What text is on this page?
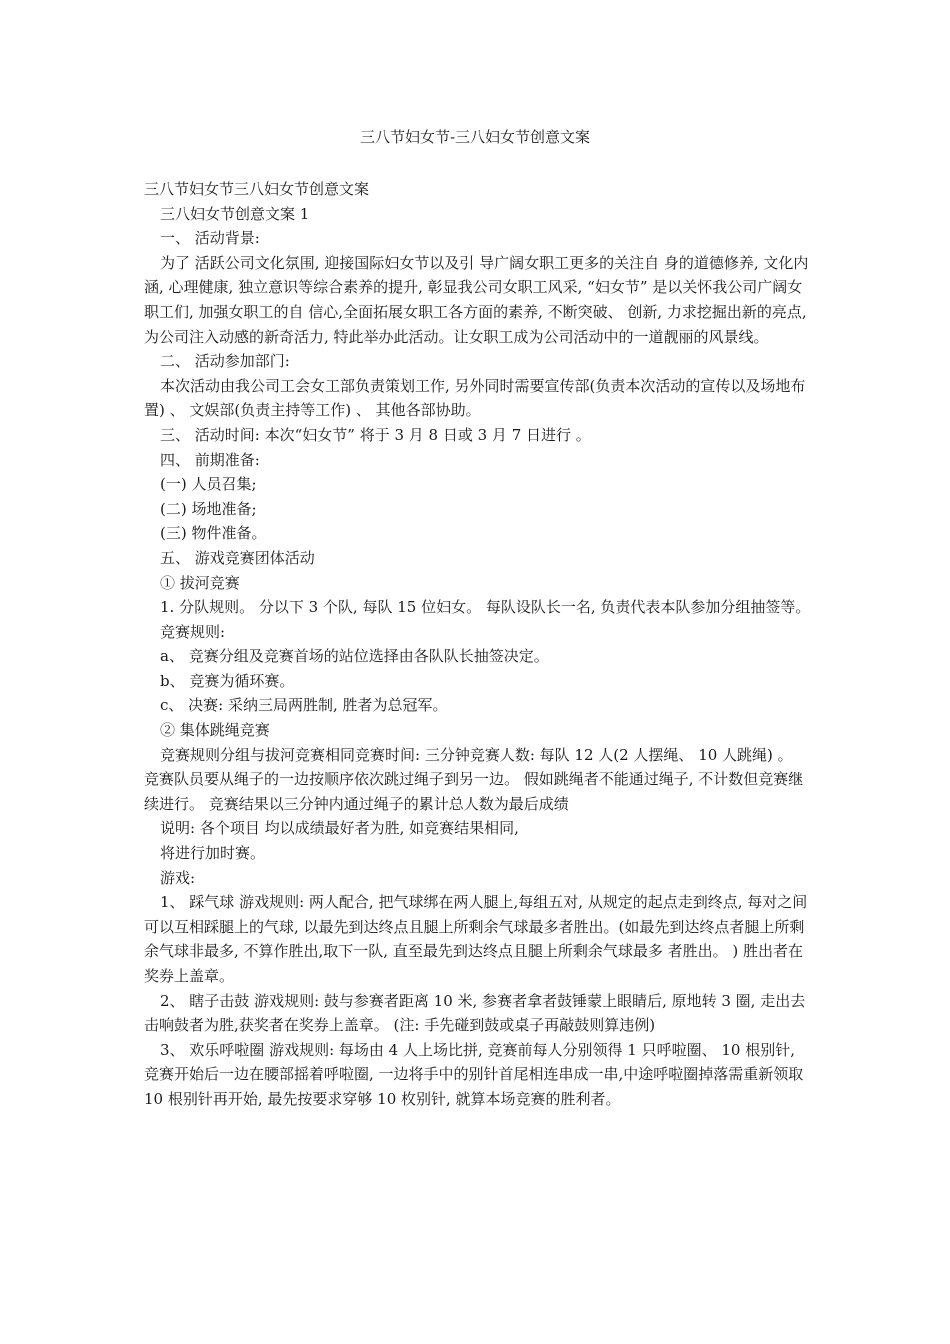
三八节妇女节-三八妇女节创意文案

三八节妇女节三八妇女节创意文案

三八妇女节创意文案 1

一、 活动背景:

为了 活跃公司文化氛围, 迎接国际妇女节以及引 导广阔女职工更多的关注自 身的道德修养, 文化内涵, 心理健康, 独立意识等综合素养的提升, 彰显我公司女职工风采, “妇女节” 是以关怀我公司广阔女职工们, 加强女职工的自 信心,全面拓展女职工各方面的素养, 不断突破、 创新, 力求挖掘出新的亮点, 为公司注入动感的新奇活力, 特此举办此活动。让女职工成为公司活动中的一道靓丽的风景线。

二、 活动参加部门:

本次活动由我公司工会女工部负责策划工作, 另外同时需要宣传部(负责本次活动的宣传以及场地布置) 、 文娱部(负责主持等工作) 、 其他各部协助。

三、 活动时间: 本次“妇女节” 将于 3 月 8 日或 3 月 7 日进行 。

四、 前期准备:

(一) 人员召集;

(二) 场地准备;

(三) 物件准备。

五、 游戏竞赛团体活动

① 拔河竞赛

1. 分队规则。 分以下 3 个队, 每队 15 位妇女。 每队设队长一名, 负责代表本队参加分组抽签等。

竞赛规则:

a、 竞赛分组及竞赛首场的站位选择由各队队长抽签决定。

b、 竞赛为循环赛。

c、 决赛: 采纳三局两胜制, 胜者为总冠军。

② 集体跳绳竞赛

竞赛规则分组与拔河竞赛相同竞赛时间: 三分钟竞赛人数: 每队 12 人(2 人摆绳、 10 人跳绳) 。 竞赛队员要从绳子的一边按顺序依次跳过绳子到另一边。 假如跳绳者不能通过绳子, 不计数但竞赛继续进行。 竞赛结果以三分钟内通过绳子的累计总人数为最后成绩

说明: 各个项目 均以成绩最好者为胜, 如竞赛结果相同,

将进行加时赛。

游戏:

1、 踩气球 游戏规则: 两人配合, 把气球绑在两人腿上,每组五对, 从规定的起点走到终点, 每对之间可以互相踩腿上的气球, 以最先到达终点且腿上所剩余气球最多者胜出。(如最先到达终点者腿上所剩余气球非最多, 不算作胜出,取下一队, 直至最先到达终点且腿上所剩余气球最多 者胜出。 ) 胜出者在奖券上盖章。

2、 瞎子击鼓 游戏规则: 鼓与参赛者距离 10 米, 参赛者拿者鼓锤蒙上眼睛后, 原地转 3 圈, 走出去击响鼓者为胜,获奖者在奖券上盖章。 (注: 手先碰到鼓或桌子再敲鼓则算违例)

3、 欢乐呼啦圈 游戏规则: 每场由 4 人上场比拼, 竞赛前每人分别领得 1 只呼啦圈、 10 根别针, 竞赛开始后一边在腰部摇着呼啦圈, 一边将手中的别针首尾相连串成一串,中途呼啦圈掉落需重新领取 10 根别针再开始, 最先按要求穿够 10 枚别针, 就算本场竞赛的胜利者。
